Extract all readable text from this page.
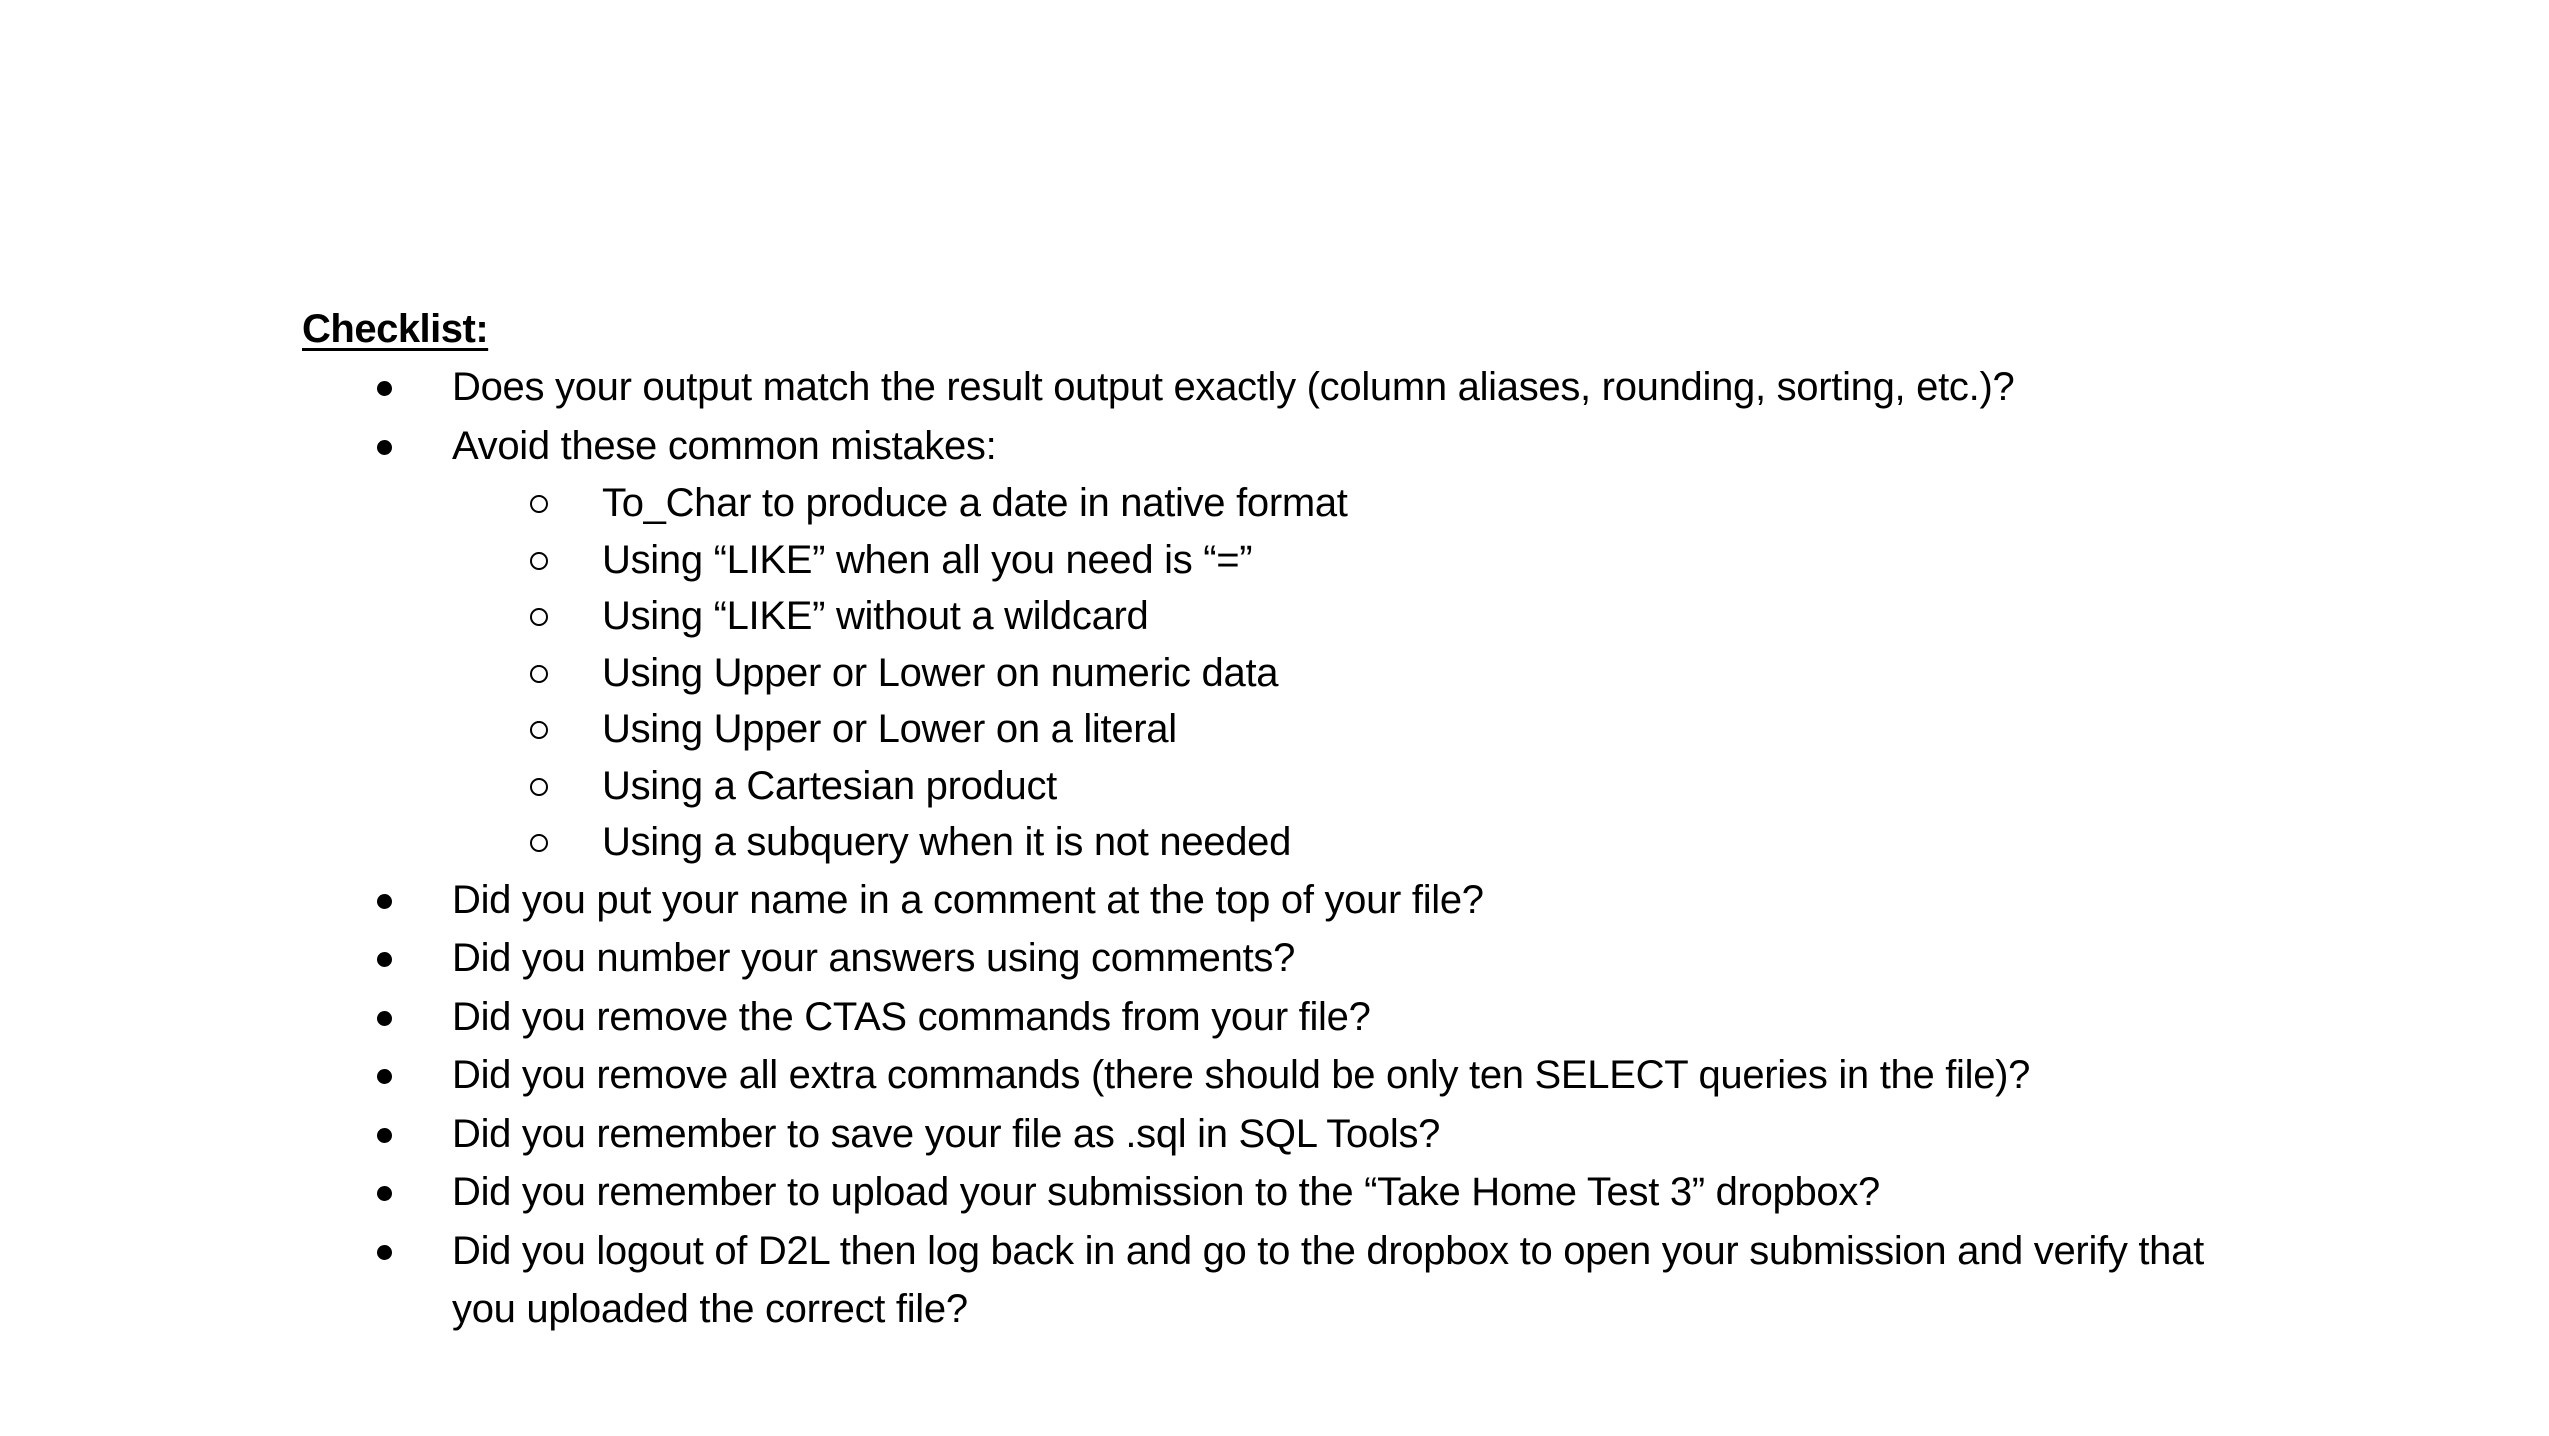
Checklist:
Does your output match the result output exactly (column aliases, rounding, sorting, etc.)?
Avoid these common mistakes:
To_Char to produce a date in native format
Using “LIKE” when all you need is “=”
Using “LIKE” without a wildcard
Using Upper or Lower on numeric data
Using Upper or Lower on a literal
Using a Cartesian product
Using a subquery when it is not needed
Did you put your name in a comment at the top of your file?
Did you number your answers using comments?
Did you remove the CTAS commands from your file?
Did you remove all extra commands (there should be only ten SELECT queries in the file)?
Did you remember to save your file as .sql in SQL Tools?
Did you remember to upload your submission to the “Take Home Test 3” dropbox?
Did you logout of D2L then log back in and go to the dropbox to open your submission and verify that you uploaded the correct file?
